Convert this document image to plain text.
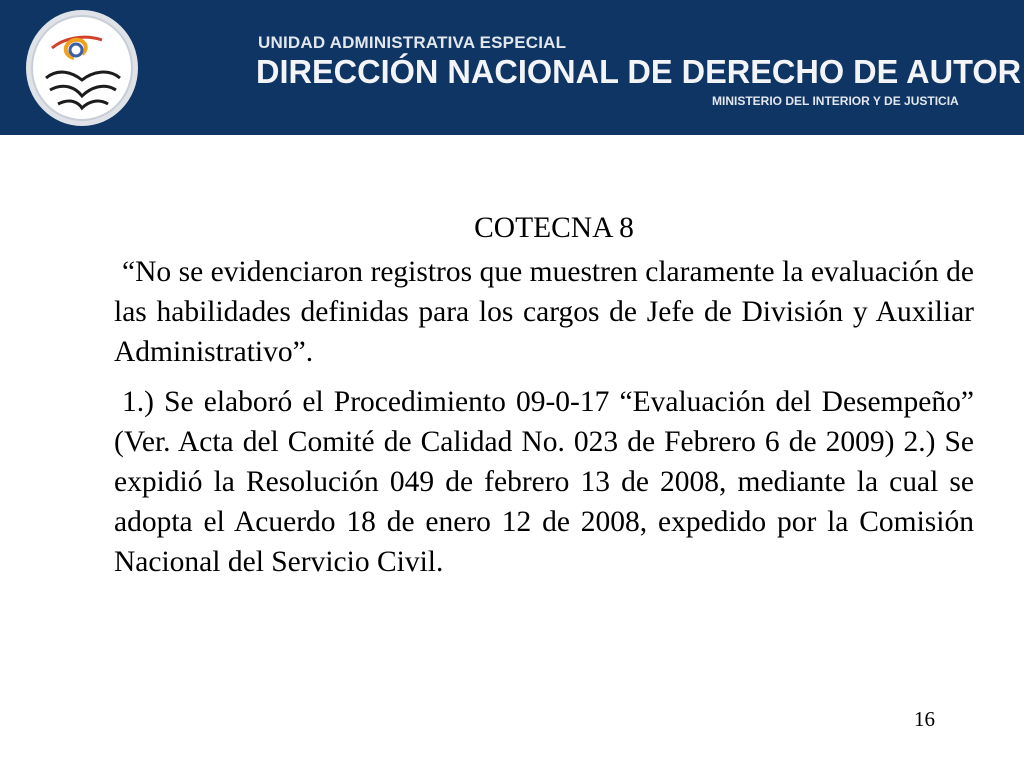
UNIDAD ADMINISTRATIVA ESPECIAL
DIRECCIÓN NACIONAL DE DERECHO DE AUTOR
MINISTERIO DEL INTERIOR Y DE JUSTICIA

COTECNA 8

“No se evidenciaron registros que muestren claramente la evaluación de las habilidades definidas para los cargos de Jefe de División y Auxiliar Administrativo”.

1.) Se elaboró el Procedimiento 09-0-17 “Evaluación del Desempeño” (Ver. Acta del Comité de Calidad No. 023 de Febrero 6 de 2009) 2.) Se expidió la Resolución 049 de febrero 13 de 2008, mediante la cual se adopta el Acuerdo 18 de enero 12 de 2008, expedido por la Comisión Nacional del Servicio Civil.

16
